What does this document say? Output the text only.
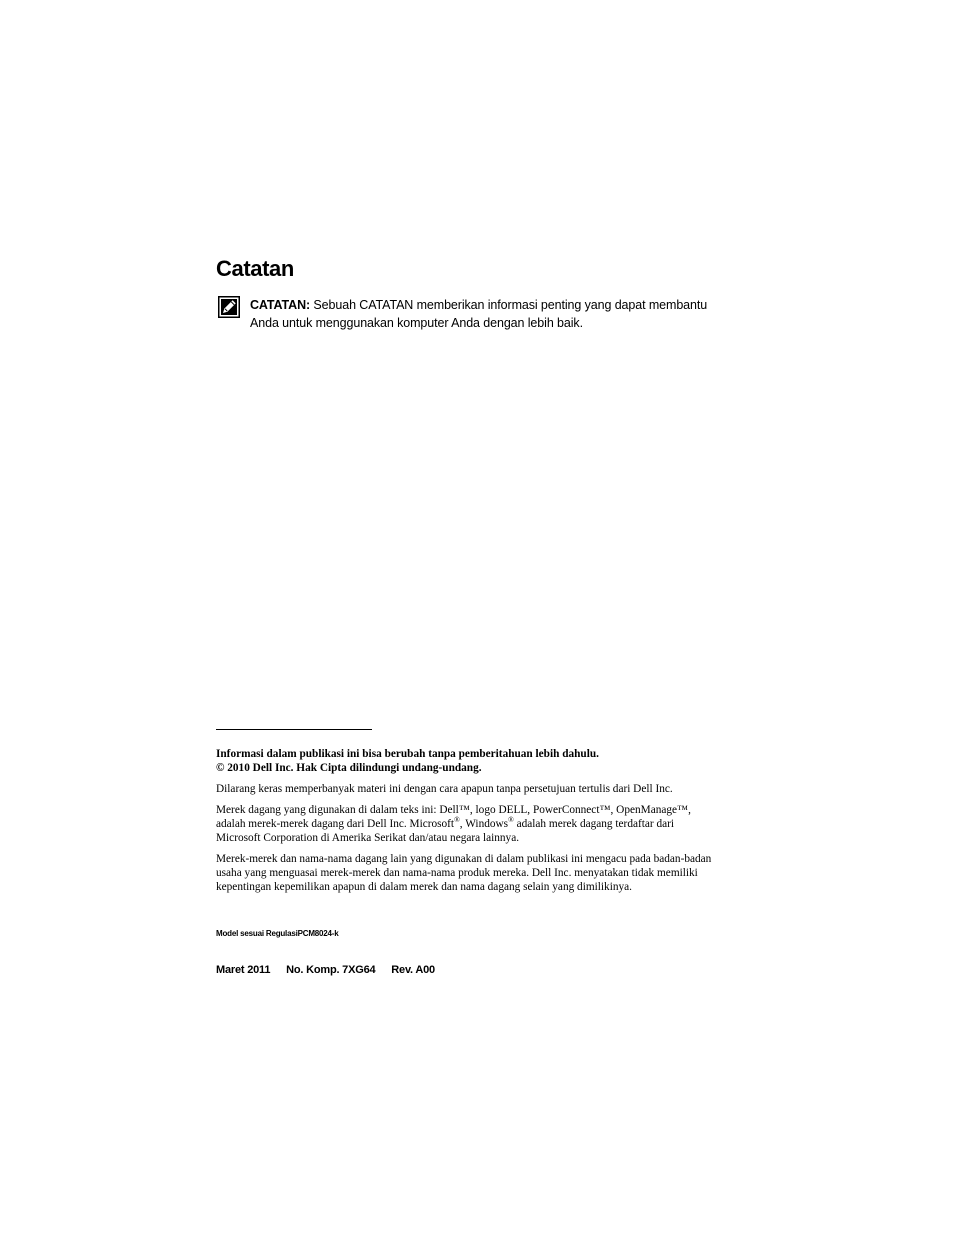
Catatan
CATATAN: Sebuah CATATAN memberikan informasi penting yang dapat membantu Anda untuk menggunakan komputer Anda dengan lebih baik.

Informasi dalam publikasi ini bisa berubah tanpa pemberitahuan lebih dahulu.
© 2010 Dell Inc. Hak Cipta dilindungi undang-undang.

Dilarang keras memperbanyak materi ini dengan cara apapun tanpa persetujuan tertulis dari Dell Inc.

Merek dagang yang digunakan di dalam teks ini: Dell™, logo DELL, PowerConnect™, OpenManage™, adalah merek-merek dagang dari Dell Inc. Microsoft®, Windows® adalah merek dagang terdaftar dari Microsoft Corporation di Amerika Serikat dan/atau negara lainnya.

Merek-merek dan nama-nama dagang lain yang digunakan di dalam publikasi ini mengacu pada badan-badan usaha yang menguasai merek-merek dan nama-nama produk mereka. Dell Inc. menyatakan tidak memiliki kepentingan kepemilikan apapun di dalam merek dan nama dagang selain yang dimilikinya.

Model sesuai RegulasiPCM8024-k
Maret 2011 No. Komp. 7XG64 Rev. A00
